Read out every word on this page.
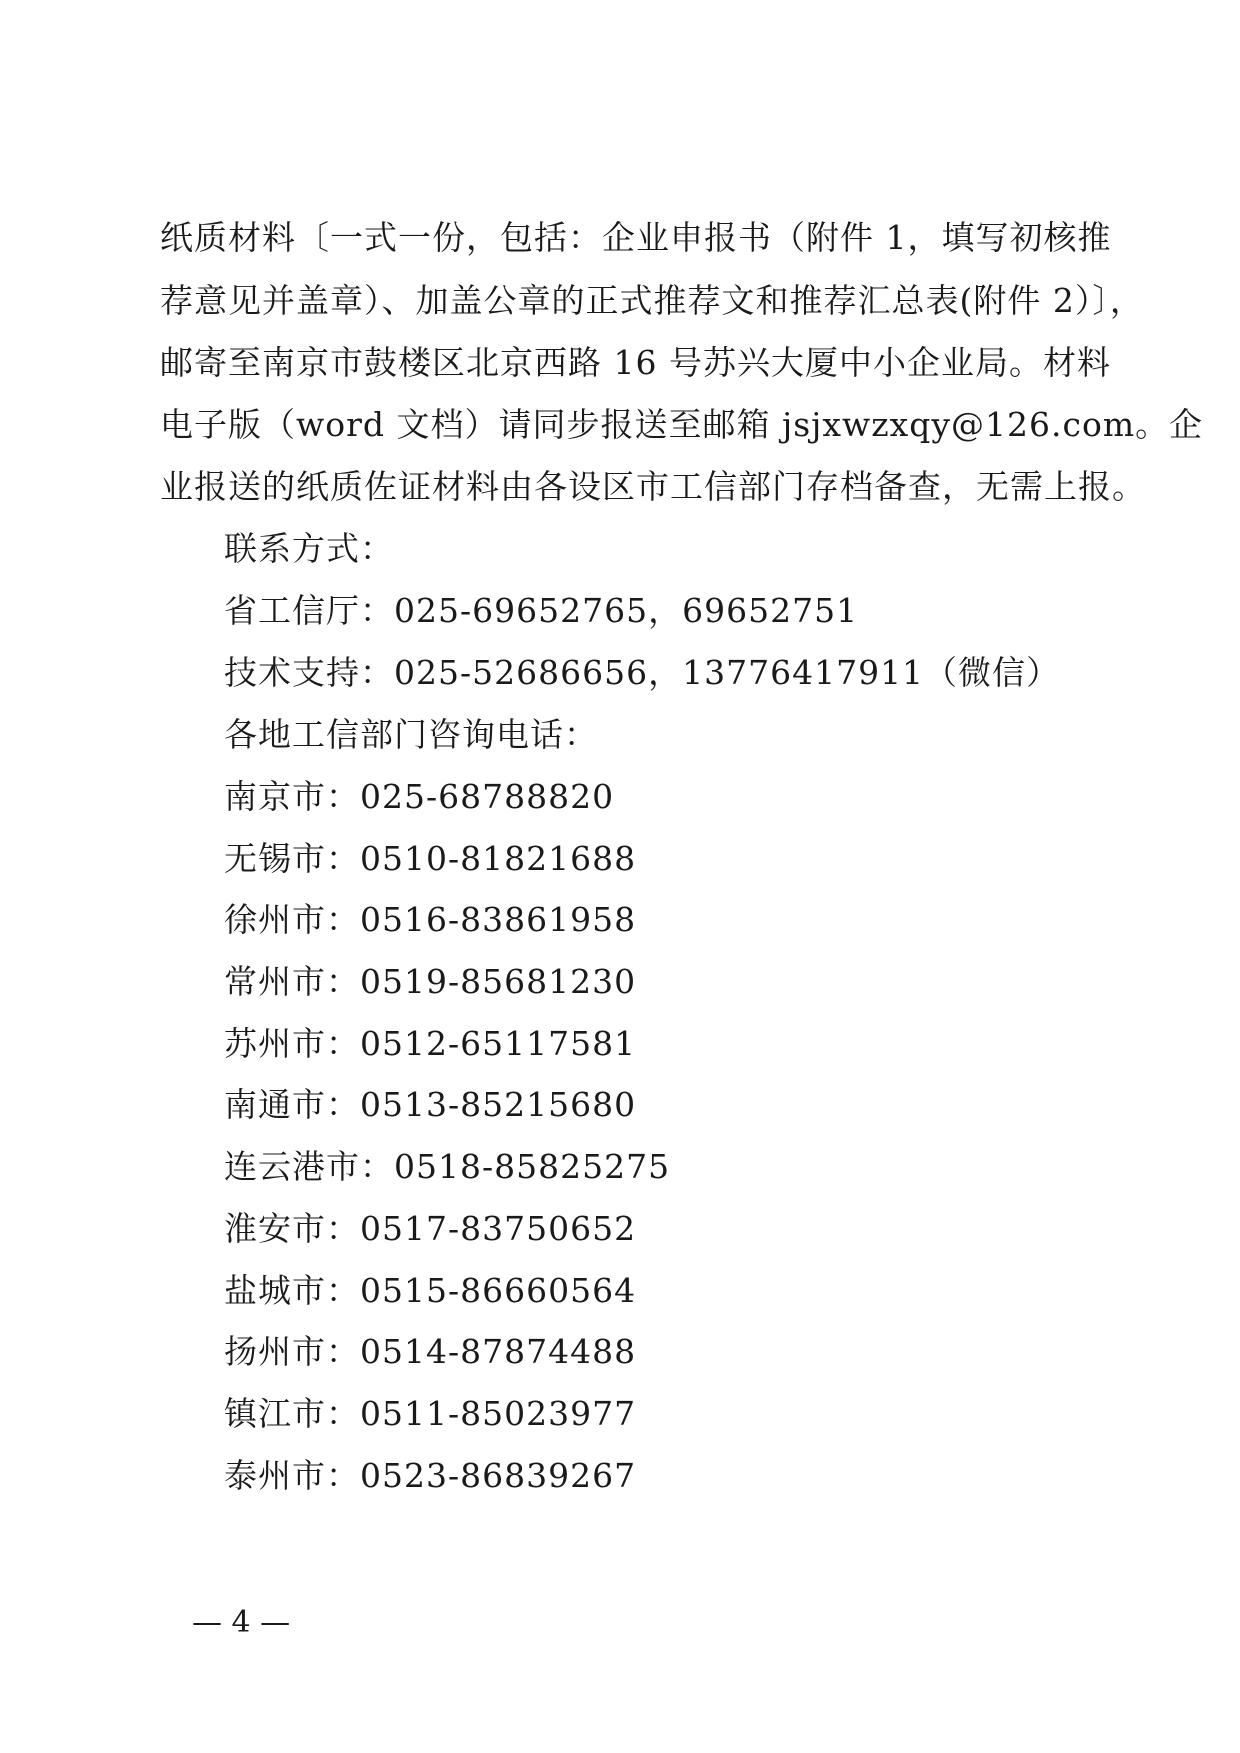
纸质材料〔一式一份，包括：企业申报书（附件 1，填写初核推
荐意见并盖章）、加盖公章的正式推荐文和推荐汇总表(附件 2）〕，
邮寄至南京市鼓楼区北京西路 16 号苏兴大厦中小企业局。材料
电子版（word 文档）请同步报送至邮箱 jsjxwzxqy@126.com。企
业报送的纸质佐证材料由各设区市工信部门存档备查，无需上报。
联系方式：
省工信厅：025-69652765，69652751
技术支持：025-52686656，13776417911（微信）
各地工信部门咨询电话：
南京市：025-68788820
无锡市：0510-81821688
徐州市：0516-83861958
常州市：0519-85681230
苏州市：0512-65117581
南通市：0513-85215680
连云港市：0518-85825275
淮安市：0517-83750652
盐城市：0515-86660564
扬州市：0514-87874488
镇江市：0511-85023977
泰州市：0523-86839267
— 4 —
